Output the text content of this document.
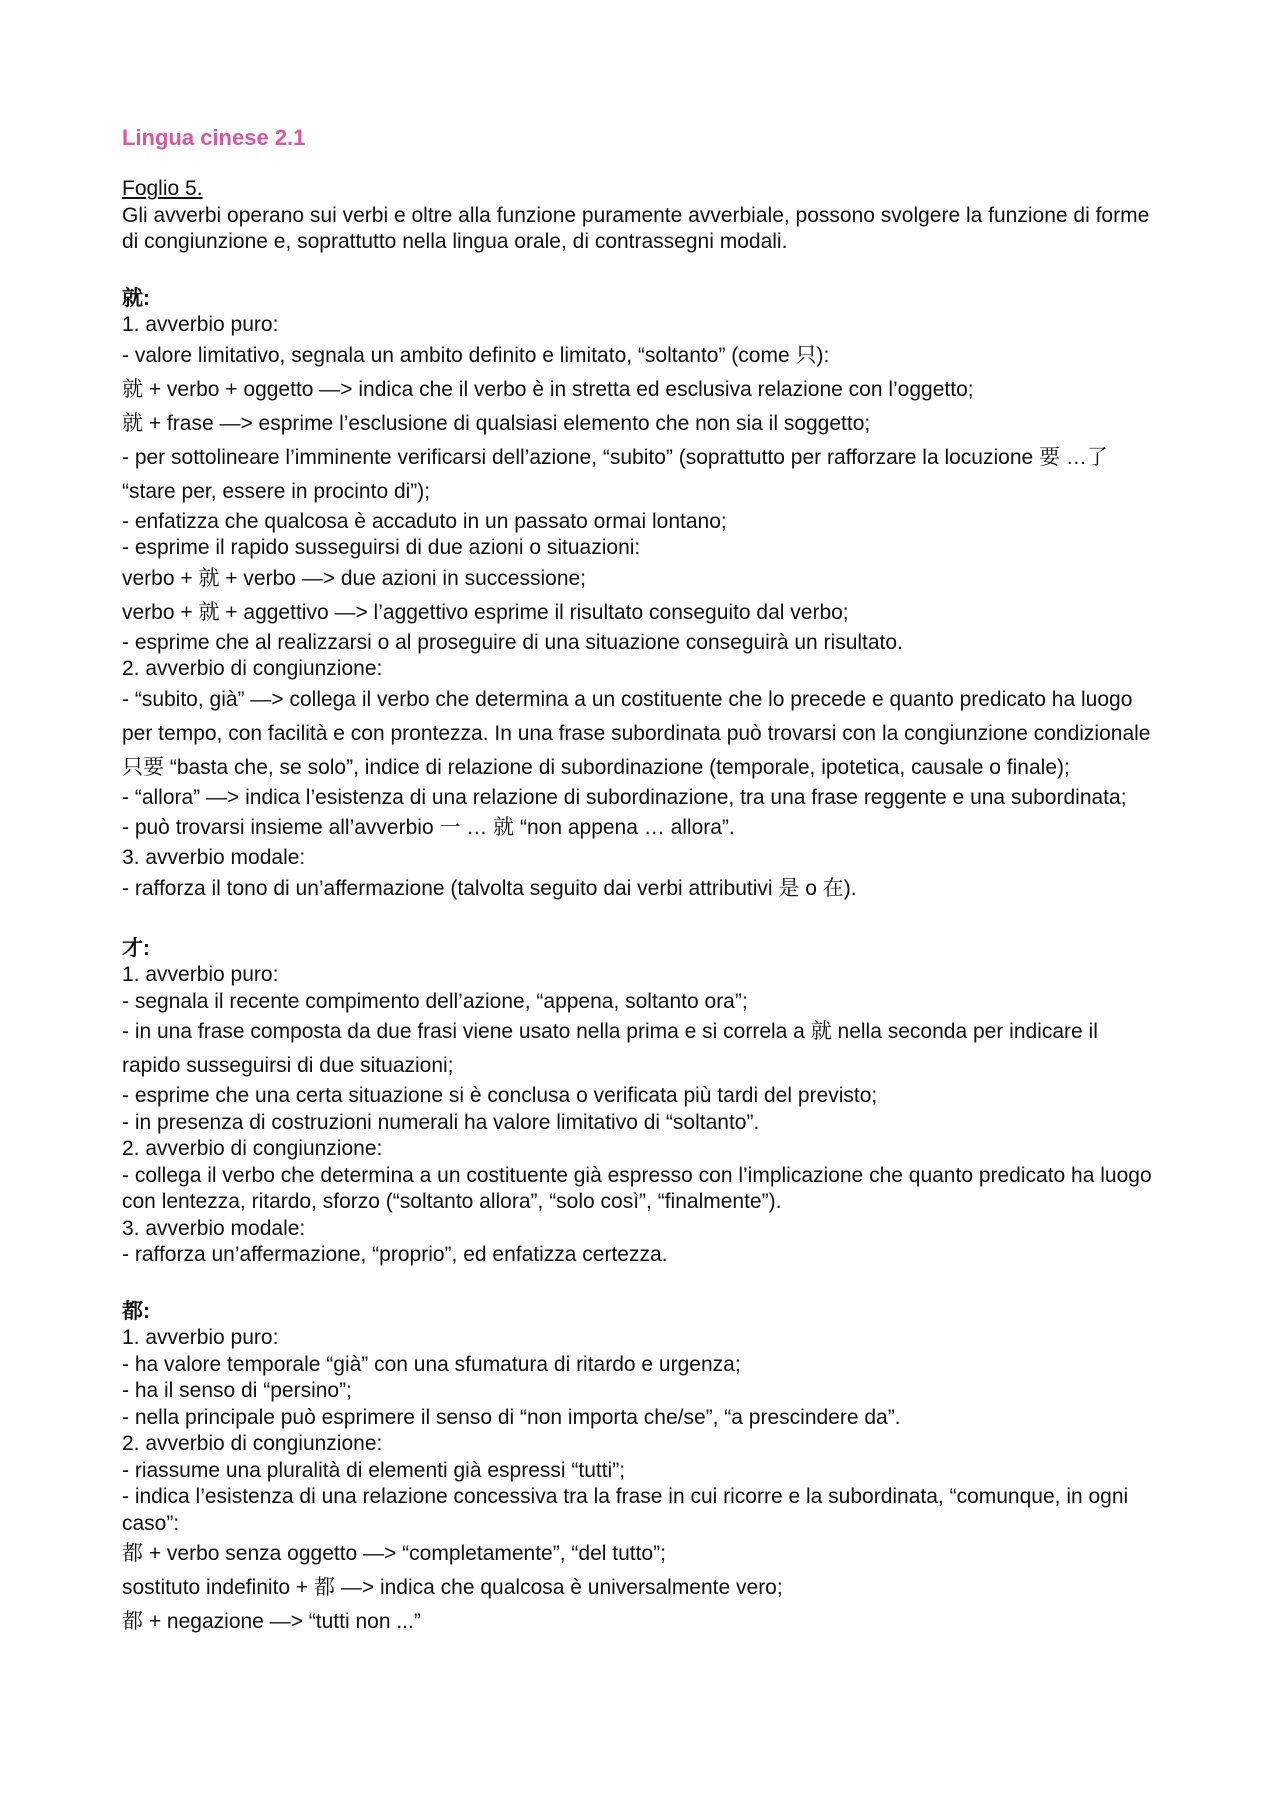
Lingua cinese 2.1

Foglio 5.

Gli avverbi operano sui verbi e oltre alla funzione puramente avverbiale, possono svolgere la funzione di forme di congiunzione e, soprattutto nella lingua orale, di contrassegni modali.

就:

1. avverbio puro:

- valore limitativo, segnala un ambito definito e limitato, “soltanto” (come 只):

就 + verbo + oggetto —> indica che il verbo è in stretta ed esclusiva relazione con l’oggetto;

就 + frase —> esprime l’esclusione di qualsiasi elemento che non sia il soggetto;

- per sottolineare l’imminente verificarsi dell’azione, “subito” (soprattutto per rafforzare la locuzione 要 …了 “stare per, essere in procinto di”);

- enfatizza che qualcosa è accaduto in un passato ormai lontano;

- esprime il rapido susseguirsi di due azioni o situazioni:

verbo + 就 + verbo —> due azioni in successione;

verbo + 就 + aggettivo —> l’aggettivo esprime il risultato conseguito dal verbo;

- esprime che al realizzarsi o al proseguire di una situazione conseguirà un risultato.

2. avverbio di congiunzione:

- “subito, già” —> collega il verbo che determina a un costituente che lo precede e quanto predicato ha luogo per tempo, con facilità e con prontezza. In una frase subordinata può trovarsi con la congiunzione condizionale 只要 “basta che, se solo”, indice di relazione di subordinazione (temporale, ipotetica, causale o finale);

- “allora” —> indica l’esistenza di una relazione di subordinazione, tra una frase reggente e una subordinata;

- può trovarsi insieme all’avverbio 一 … 就 “non appena … allora”.

3. avverbio modale:

- rafforza il tono di un’affermazione (talvolta seguito dai verbi attributivi 是 o 在).

才:

1. avverbio puro:

- segnala il recente compimento dell’azione, “appena, soltanto ora”;

- in una frase composta da due frasi viene usato nella prima e si correla a 就 nella seconda per indicare il rapido susseguirsi di due situazioni;

- esprime che una certa situazione si è conclusa o verificata più tardi del previsto;

- in presenza di costruzioni numerali ha valore limitativo di “soltanto”.

2. avverbio di congiunzione:

- collega il verbo che determina a un costituente già espresso con l’implicazione che quanto predicato ha luogo con lentezza, ritardo, sforzo (“soltanto allora”, “solo così”, “finalmente”).

3. avverbio modale:

- rafforza un’affermazione, “proprio”, ed enfatizza certezza.

都:

1. avverbio puro:

- ha valore temporale “già” con una sfumatura di ritardo e urgenza;

- ha il senso di “persino”;

- nella principale può esprimere il senso di “non importa che/se”, “a prescindere da”.

2. avverbio di congiunzione:

- riassume una pluralità di elementi già espressi “tutti”;

- indica l’esistenza di una relazione concessiva tra la frase in cui ricorre e la subordinata, “comunque, in ogni caso”:

都 + verbo senza oggetto —> “completamente”, “del tutto”;

sostituto indefinito + 都 —> indica che qualcosa è universalmente vero;

都 + negazione —> “tutti non ...”
